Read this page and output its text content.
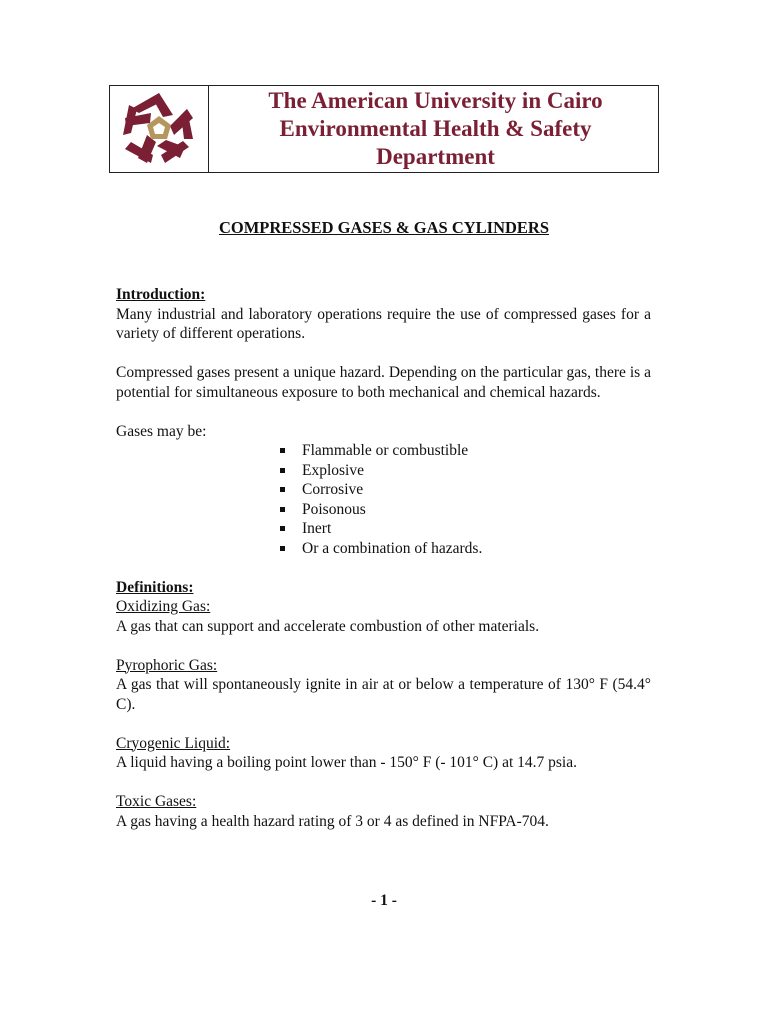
The American University in Cairo
Environmental Health & Safety
Department
COMPRESSED GASES & GAS CYLINDERS
Introduction:

Many industrial and laboratory operations require the use of compressed gases for a variety of different operations.

Compressed gases present a unique hazard. Depending on the particular gas, there is a potential for simultaneous exposure to both mechanical and chemical hazards.

Gases may be:

Flammable or combustible
Explosive
Corrosive
Poisonous
Inert
Or a combination of hazards.
Definitions:
Oxidizing Gas:

A gas that can support and accelerate combustion of other materials.

Pyrophoric Gas:

A gas that will spontaneously ignite in air at or below a temperature of 130° F (54.4° C).

Cryogenic Liquid:

A liquid having a boiling point lower than - 150° F (- 101° C) at 14.7 psia.

Toxic Gases:

A gas having a health hazard rating of 3 or 4 as defined in NFPA-704.

- 1 -
